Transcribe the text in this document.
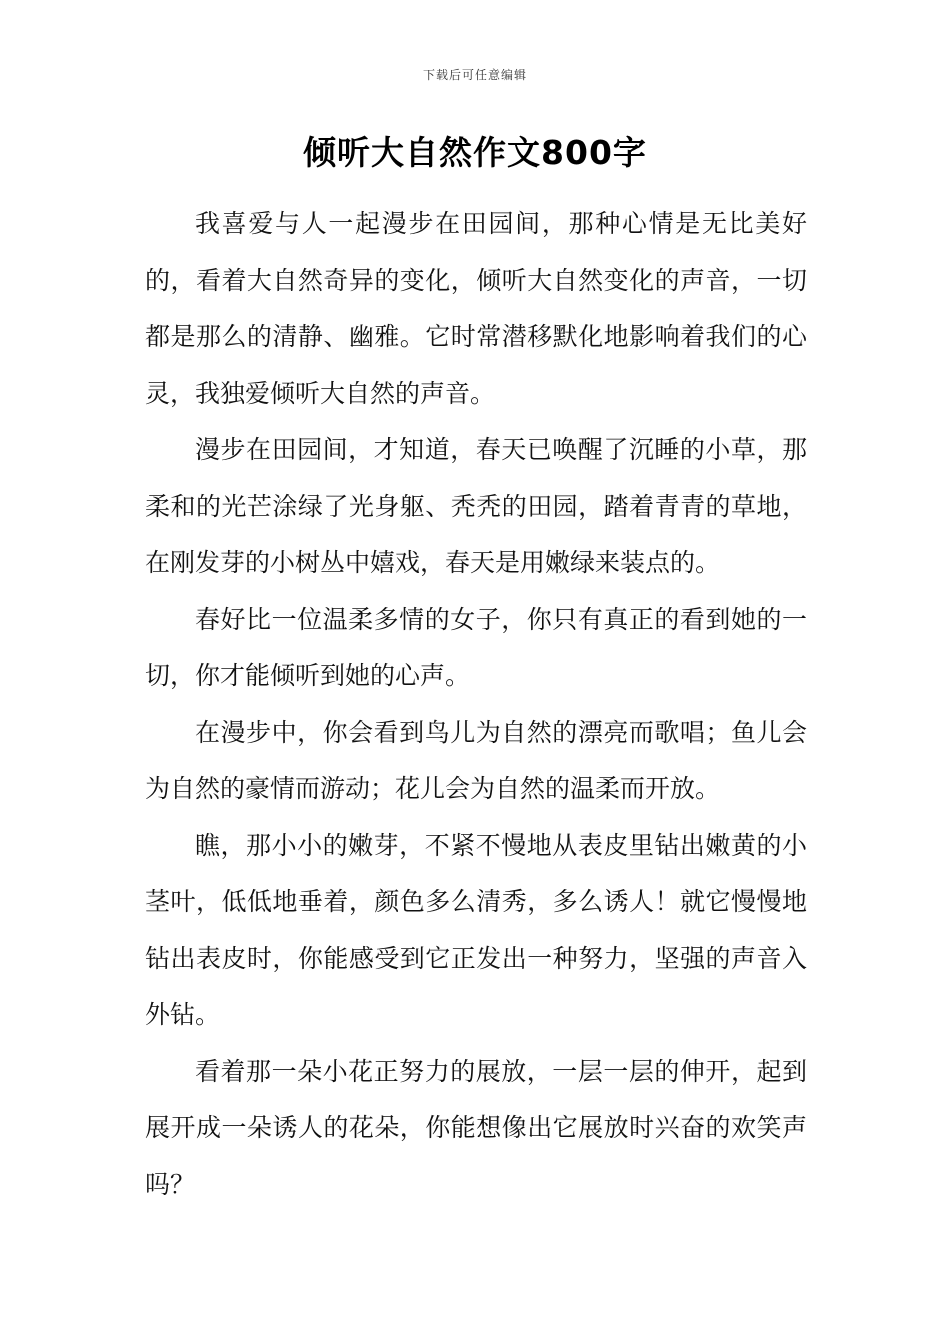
下载后可任意编辑
倾听大自然作文800字

我喜爱与人一起漫步在田园间，那种心情是无比美好的，看着大自然奇异的变化，倾听大自然变化的声音，一切都是那么的清静、幽雅。它时常潜移默化地影响着我们的心灵，我独爱倾听大自然的声音。

漫步在田园间，才知道，春天已唤醒了沉睡的小草，那柔和的光芒涂绿了光身躯、秃秃的田园，踏着青青的草地，在刚发芽的小树丛中嬉戏，春天是用嫩绿来装点的。

春好比一位温柔多情的女子，你只有真正的看到她的一切，你才能倾听到她的心声。

在漫步中，你会看到鸟儿为自然的漂亮而歌唱；鱼儿会为自然的豪情而游动；花儿会为自然的温柔而开放。

瞧，那小小的嫩芽，不紧不慢地从表皮里钻出嫩黄的小茎叶，低低地垂着，颜色多么清秀，多么诱人！就它慢慢地钻出表皮时，你能感受到它正发出一种努力，坚强的声音入外钻。

看着那一朵小花正努力的展放，一层一层的伸开，起到展开成一朵诱人的花朵，你能想像出它展放时兴奋的欢笑声吗？
